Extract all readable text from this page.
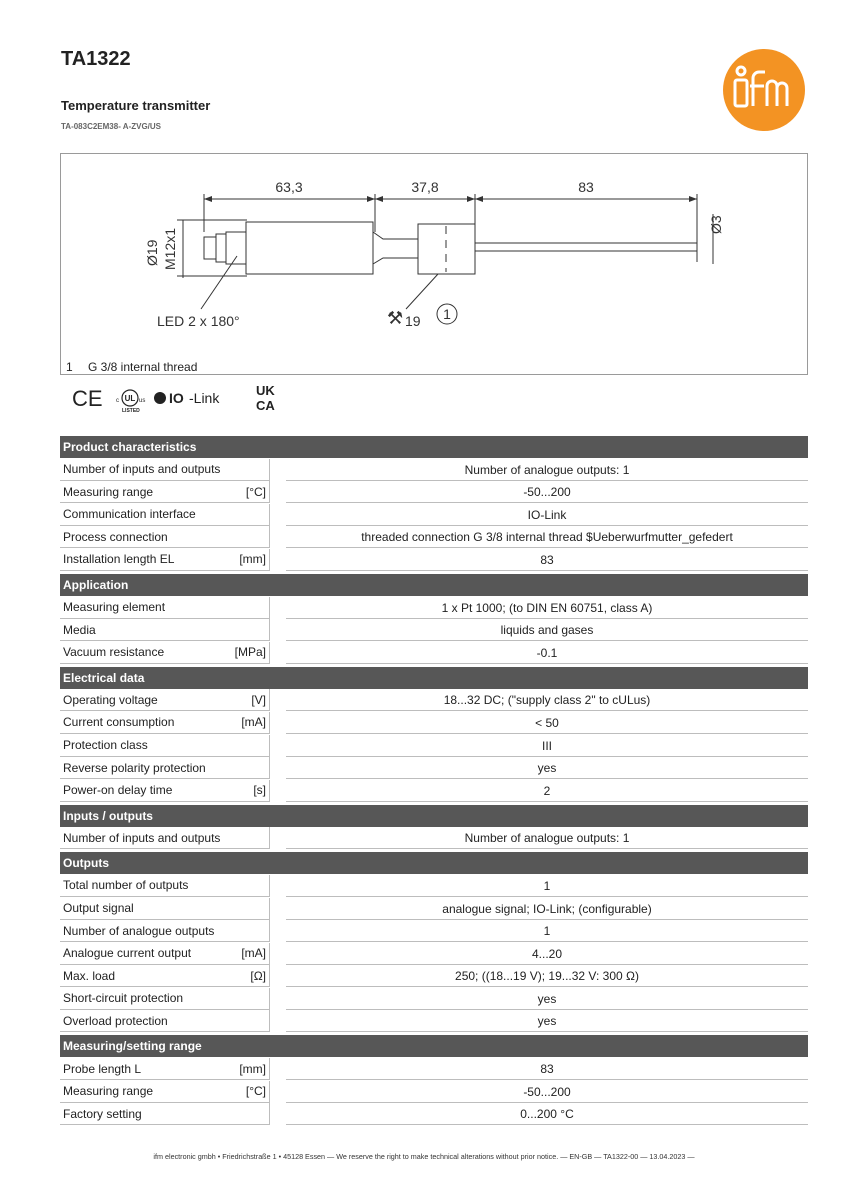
TA1322
Temperature transmitter
TA-083C2EM38- A-ZVG/US
63,3	37,8	83
Ø19 M12x1
Ø3
LED 2 x 180°	⚒ 19 1
1 G 3/8 internal thread
CE c UL us
LISTED
IO -Link	UK
CA
Product characteristics
Number of inputs and outputs	Number of analogue outputs: 1
Measuring range	[°C]	-50...200
Communication interface	IO-Link
Process connection	threaded connection G 3/8 internal thread $Ueberwurfmutter_gefedert
Installation length EL	[mm]	83
Application
Measuring element	1 x Pt 1000; (to DIN EN 60751, class A)
Media	liquids and gases
Vacuum resistance	[MPa]	-0.1
Electrical data
Operating voltage	[V]	18...32 DC; ("supply class 2" to cULus)
Current consumption	[mA]	< 50
Protection class	III
Reverse polarity protection	yes
Power-on delay time	[s]	2
Inputs / outputs
Number of inputs and outputs	Number of analogue outputs: 1
Outputs
Total number of outputs	1
Output signal	analogue signal; IO-Link; (configurable)
Number of analogue outputs	1
Analogue current output	[mA]	4...20
Max. load	[Ω]	250; ((18...19 V); 19...32 V: 300 Ω)
Short-circuit protection	yes
Overload protection	yes
Measuring/setting range
Probe length L	[mm]	83
Measuring range	[°C]	-50...200
Factory setting	0...200 °C
ifm electronic gmbh • Friedrichstraße 1 • 45128 Essen — We reserve the right to make technical alterations without prior notice. — EN-GB — TA1322-00 — 13.04.2023 —
